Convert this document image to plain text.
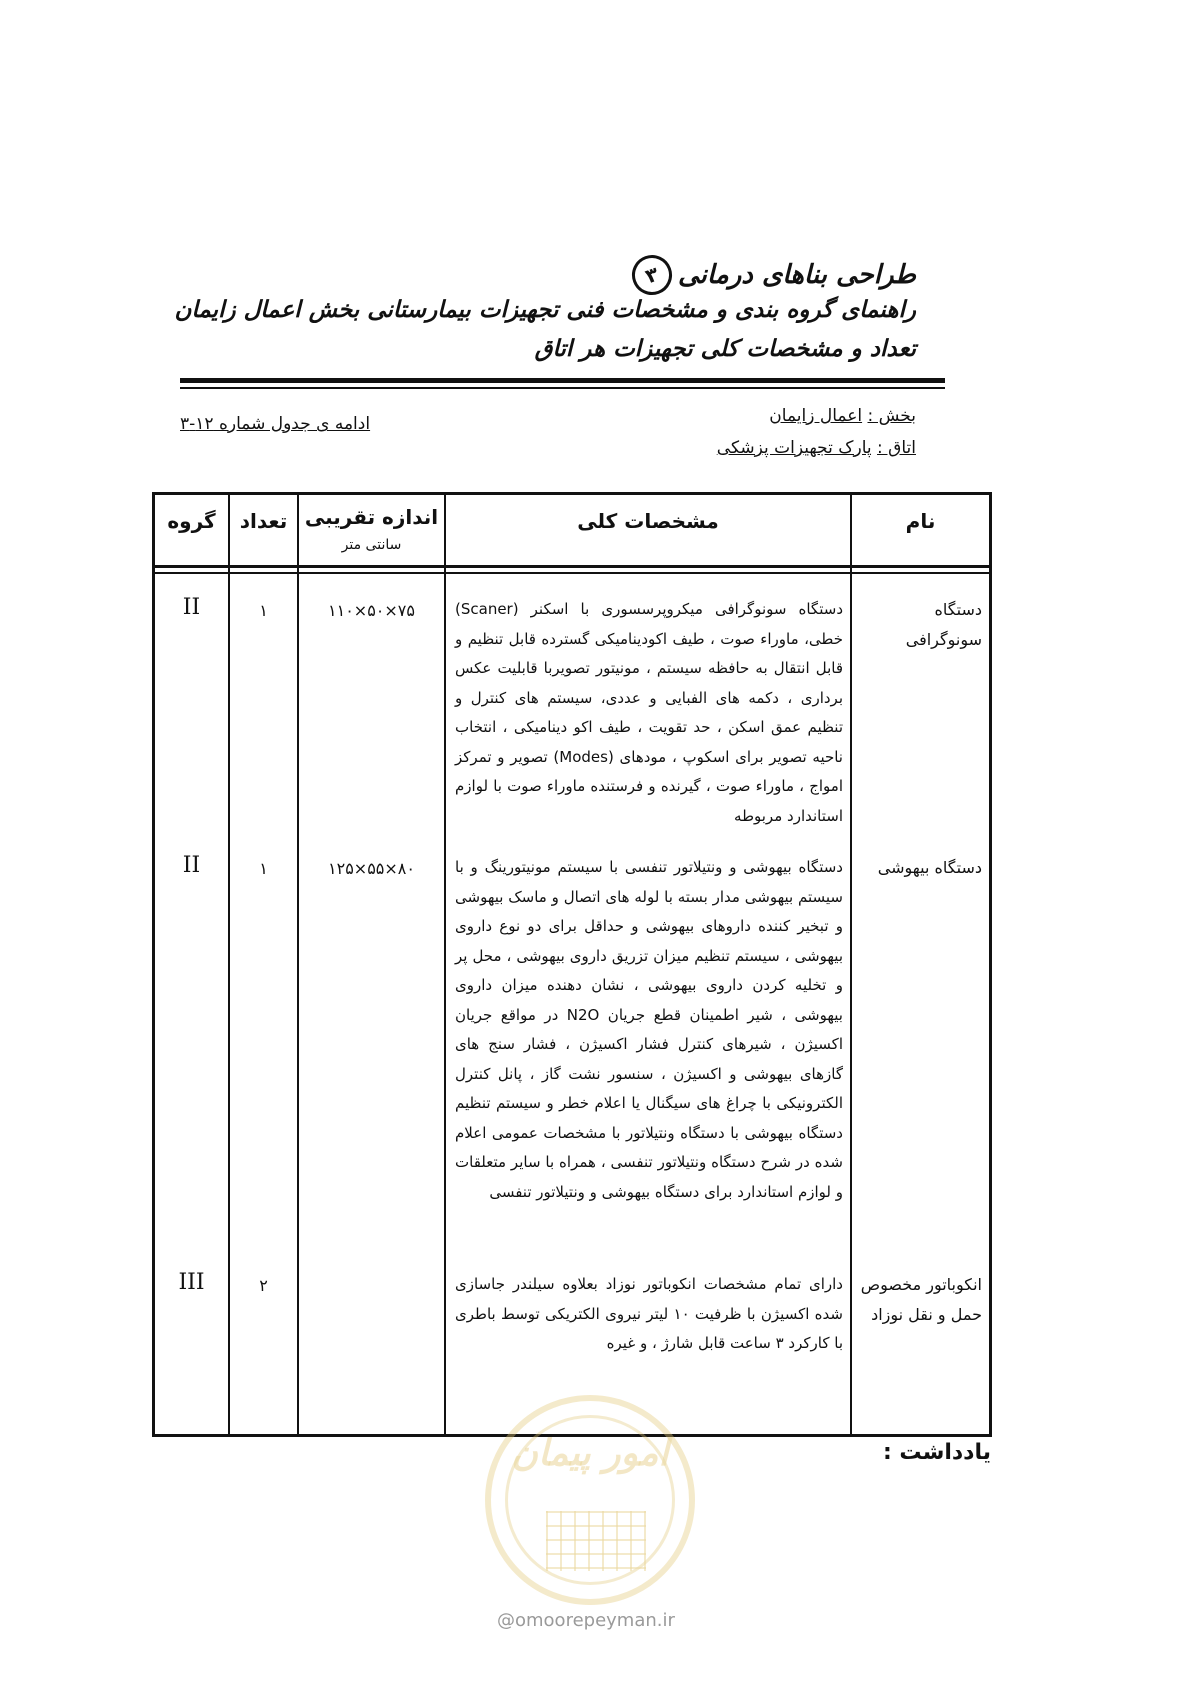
طراحی بناهای درمانی
۳
راهنمای گروه بندی و مشخصات فنی تجهیزات بیمارستانی بخش اعمال زایمان
تعداد و مشخصات کلی تجهیزات هر اتاق
بخش : اعمال زایمان
اتاق : پارک تجهیزات پزشکی
ادامه ی جدول شماره ۱۲-۳
نام
مشخصات کلی
اندازه تقریبی
سانتی متر
تعداد
گروه
دستگاه سونوگرافی
دستگاه سونوگرافی میکروپرسسوری با اسکنر (Scaner) خطی، ماوراء صوت ، طیف اکودینامیکی گسترده قابل تنظیم و قابل انتقال به حافظه سیستم ، مونیتور تصویربا قابلیت عکس برداری ، دکمه های الفبایی و عددی، سیستم های کنترل و تنظیم عمق اسکن ، حد تقویت ، طیف اکو دینامیکی ، انتخاب ناحیه تصویر برای اسکوپ ، مودهای (Modes) تصویر و تمرکز امواج ، ماوراء صوت ، گیرنده و فرستنده ماوراء صوت با لوازم استاندارد مربوطه
۱۱۰×۵۰×۷۵
۱
II
دستگاه بیهوشی
دستگاه بیهوشی و ونتیلاتور تنفسی با سیستم مونیتورینگ و با سیستم بیهوشی مدار بسته با لوله های اتصال و ماسک بیهوشی و تبخیر کننده داروهای بیهوشی و حداقل برای دو نوع داروی بیهوشی ، سیستم تنظیم میزان تزریق داروی بیهوشی ، محل پر و تخلیه کردن داروی بیهوشی ، نشان دهنده میزان داروی بیهوشی ، شیر اطمینان قطع جریان N2O در مواقع جریان اکسیژن ، شیرهای کنترل فشار اکسیژن ، فشار سنج های گازهای بیهوشی و اکسیژن ، سنسور نشت گاز ، پانل کنترل الکترونیکی با چراغ های سیگنال یا اعلام خطر و سیستم تنظیم دستگاه بیهوشی با دستگاه ونتیلاتور با مشخصات عمومی اعلام شده در شرح دستگاه ونتیلاتور تنفسی ، همراه با سایر متعلقات و لوازم استاندارد برای دستگاه بیهوشی و ونتیلاتور تنفسی
۱۲۵×۵۵×۸۰
۱
II
انکوباتور مخصوص حمل و نقل نوزاد
دارای تمام مشخصات انکوباتور نوزاد بعلاوه سیلندر جاسازی شده اکسیژن با ظرفیت ۱۰ لیتر نیروی الکتریکی توسط باطری با کارکرد ۳ ساعت قابل شارژ ، و غیره
۲
III
یادداشت :
امور پیمان
@omoorepeyman.ir
